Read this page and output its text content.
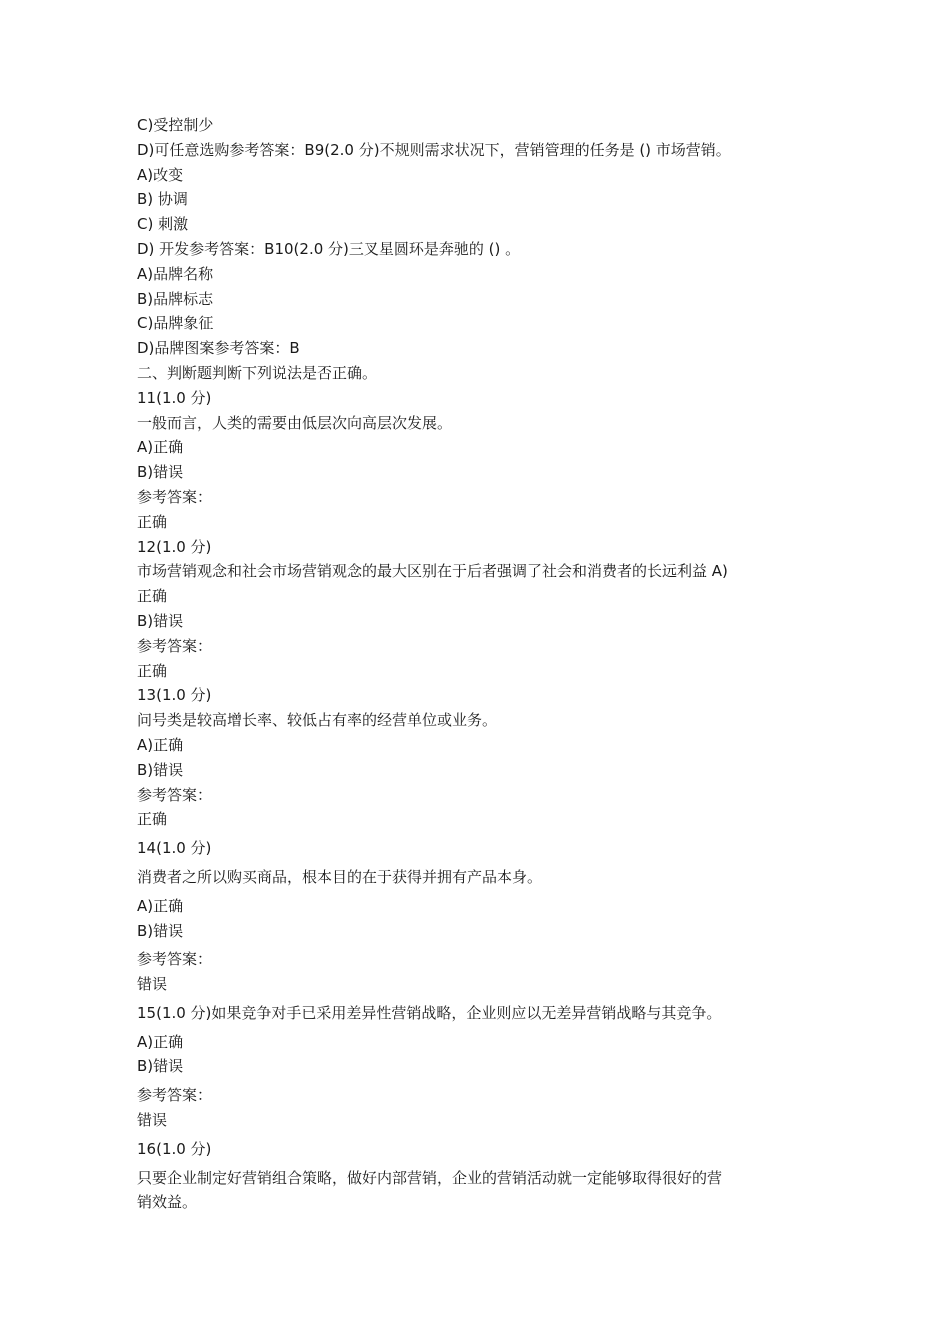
C)受控制少

D)可任意选购参考答案：B9(2.0 分)不规则需求状况下，营销管理的任务是 () 市场营销。

A)改变

B) 协调

C) 刺激

D) 开发参考答案：B10(2.0 分)三叉星圆环是奔驰的 () 。

A)品牌名称

B)品牌标志

C)品牌象征

D)品牌图案参考答案：B

二、判断题判断下列说法是否正确。

11(1.0 分)

一般而言，人类的需要由低层次向高层次发展。

A)正确

B)错误

参考答案：

正确

12(1.0 分)

市场营销观念和社会市场营销观念的最大区别在于后者强调了社会和消费者的长远利益 A)

正确

B)错误

参考答案：

正确

13(1.0 分)

问号类是较高增长率、较低占有率的经营单位或业务。

A)正确

B)错误

参考答案：

正确

14(1.0 分)

消费者之所以购买商品，根本目的在于获得并拥有产品本身。

A)正确

B)错误

参考答案：

错误

15(1.0 分)如果竞争对手已采用差异性营销战略，企业则应以无差异营销战略与其竞争。

A)正确

B)错误

参考答案：

错误

16(1.0 分)

只要企业制定好营销组合策略，做好内部营销，企业的营销活动就一定能够取得很好的营

销效益。
